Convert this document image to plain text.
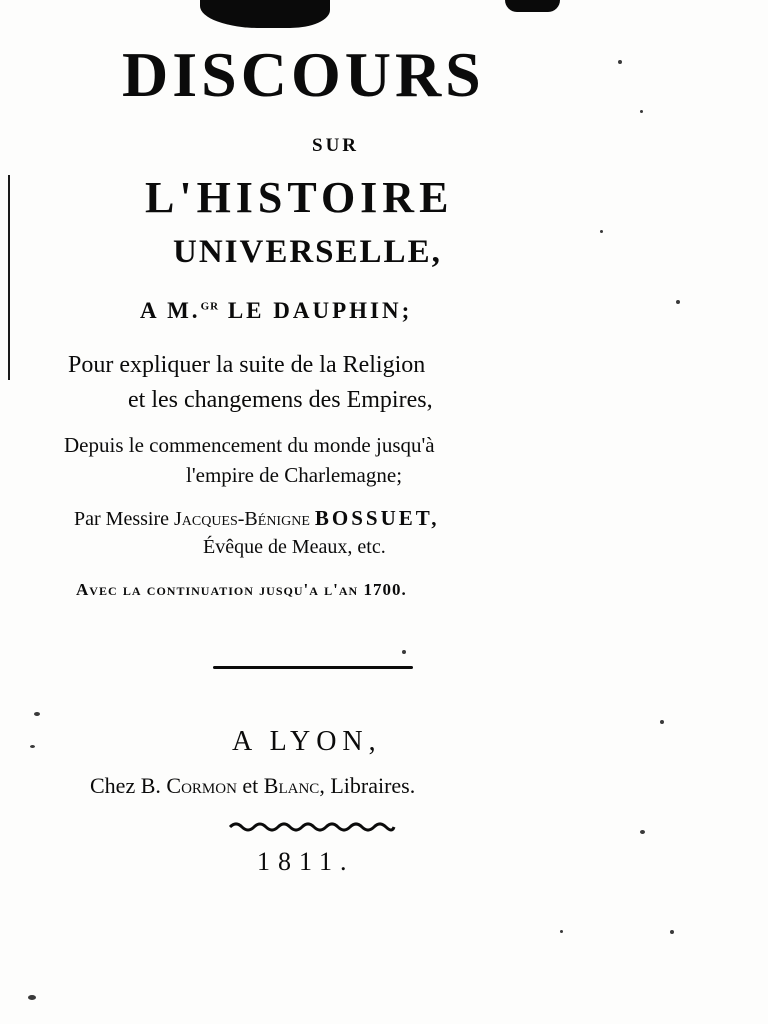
DISCOURS
SUR
L'HISTOIRE
UNIVERSELLE,
A M.$^{GR}$ LE DAUPHIN;
Pour expliquer la suite de la Religion
et les changemens des Empires,
Depuis le commencement du monde jusqu'à
l'empire de Charlemagne;
Par Messire Jacques-Bénigne BOSSUET,
Évêque de Meaux, etc.
Avec la continuation jusqu'a l'an 1700.
A LYON,
Chez B. Cormon et Blanc, Libraires.
1811.
